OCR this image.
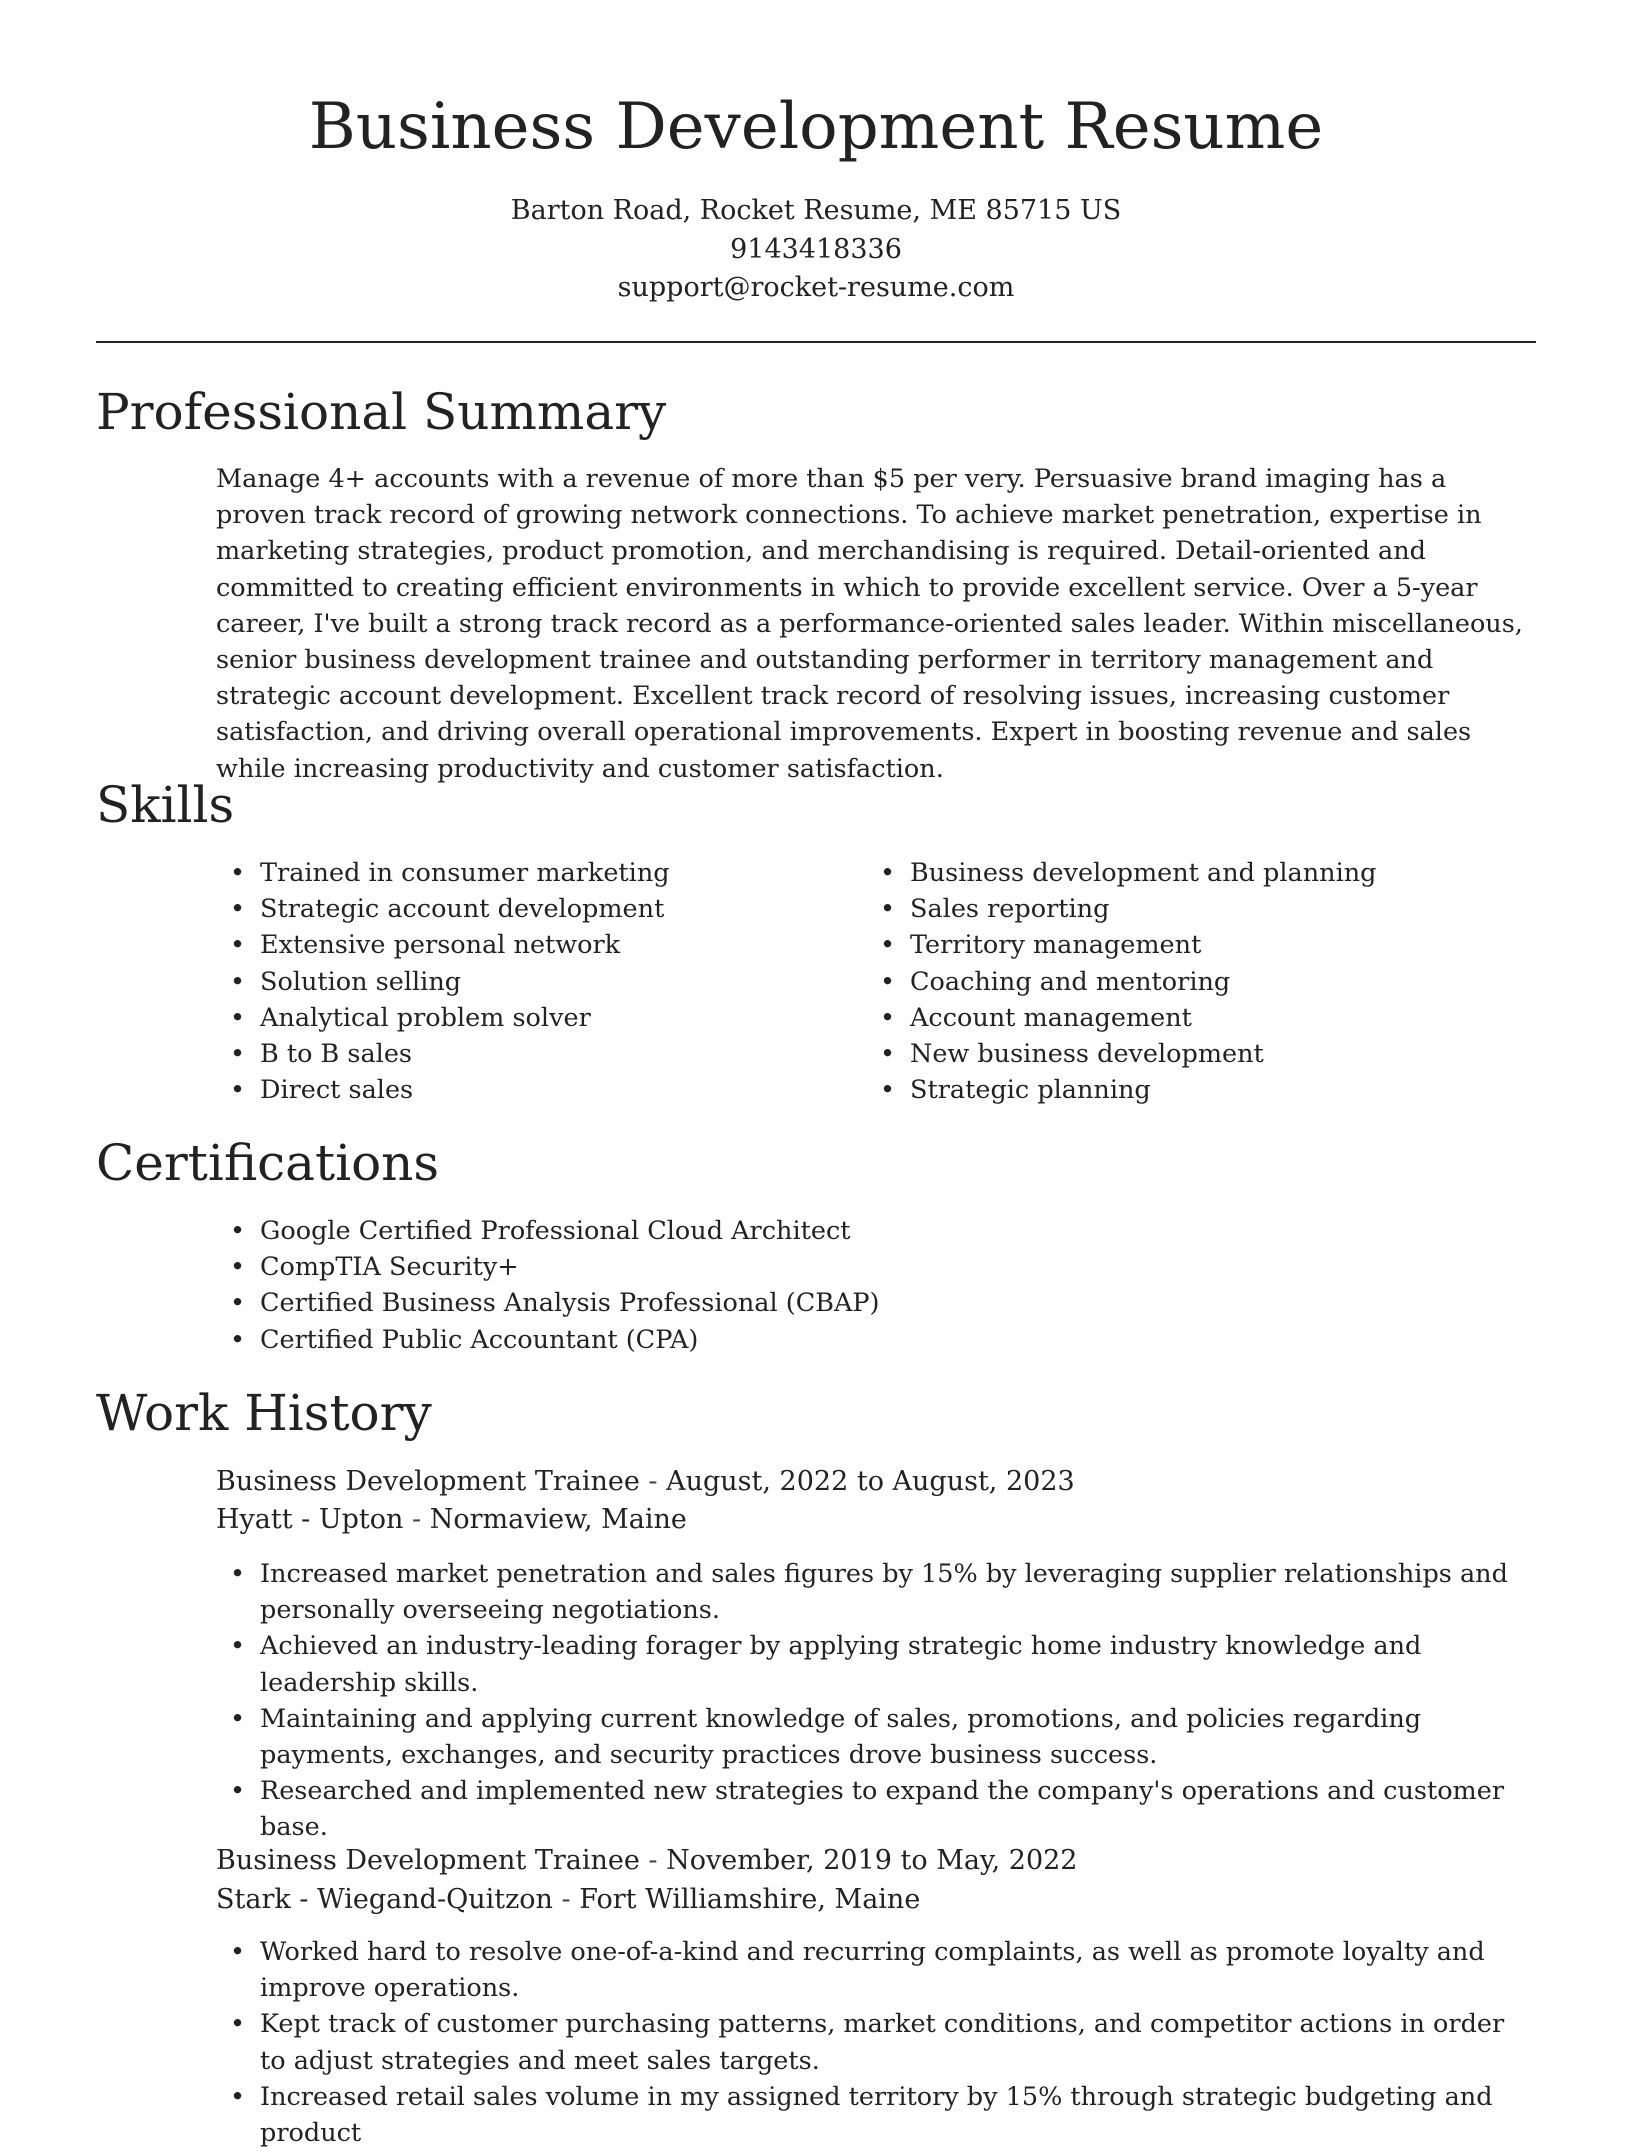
Business Development Resume
Barton Road, Rocket Resume, ME 85715 US
9143418336
support@rocket-resume.com
Professional Summary

Manage 4+ accounts with a revenue of more than $5 per very. Persuasive brand imaging has a proven track record of growing network connections. To achieve market penetration, expertise in marketing strategies, product promotion, and merchandising is required. Detail-oriented and committed to creating efficient environments in which to provide excellent service. Over a 5-year career, I've built a strong track record as a performance-oriented sales leader. Within miscellaneous, senior business development trainee and outstanding performer in territory management and strategic account development. Excellent track record of resolving issues, increasing customer satisfaction, and driving overall operational improvements. Expert in boosting revenue and sales while increasing productivity and customer satisfaction.

Skills
• Trained in consumer marketing
• Strategic account development
• Extensive personal network
• Solution selling
• Analytical problem solver
• B to B sales
• Direct sales
• Business development and planning
• Sales reporting
• Territory management
• Coaching and mentoring
• Account management
• New business development
• Strategic planning
Certifications
• Google Certified Professional Cloud Architect
• CompTIA Security+
• Certified Business Analysis Professional (CBAP)
• Certified Public Accountant (CPA)
Work History
Business Development Trainee - August, 2022 to August, 2023
Hyatt - Upton - Normaview, Maine
• Increased market penetration and sales figures by 15% by leveraging supplier relationships and personally overseeing negotiations.
• Achieved an industry-leading forager by applying strategic home industry knowledge and leadership skills.
• Maintaining and applying current knowledge of sales, promotions, and policies regarding payments, exchanges, and security practices drove business success.
• Researched and implemented new strategies to expand the company's operations and customer base.
Business Development Trainee - November, 2019 to May, 2022
Stark - Wiegand-Quitzon - Fort Williamshire, Maine
• Worked hard to resolve one-of-a-kind and recurring complaints, as well as promote loyalty and improve operations.
• Kept track of customer purchasing patterns, market conditions, and competitor actions in order to adjust strategies and meet sales targets.
• Increased retail sales volume in my assigned territory by 15% through strategic budgeting and product
